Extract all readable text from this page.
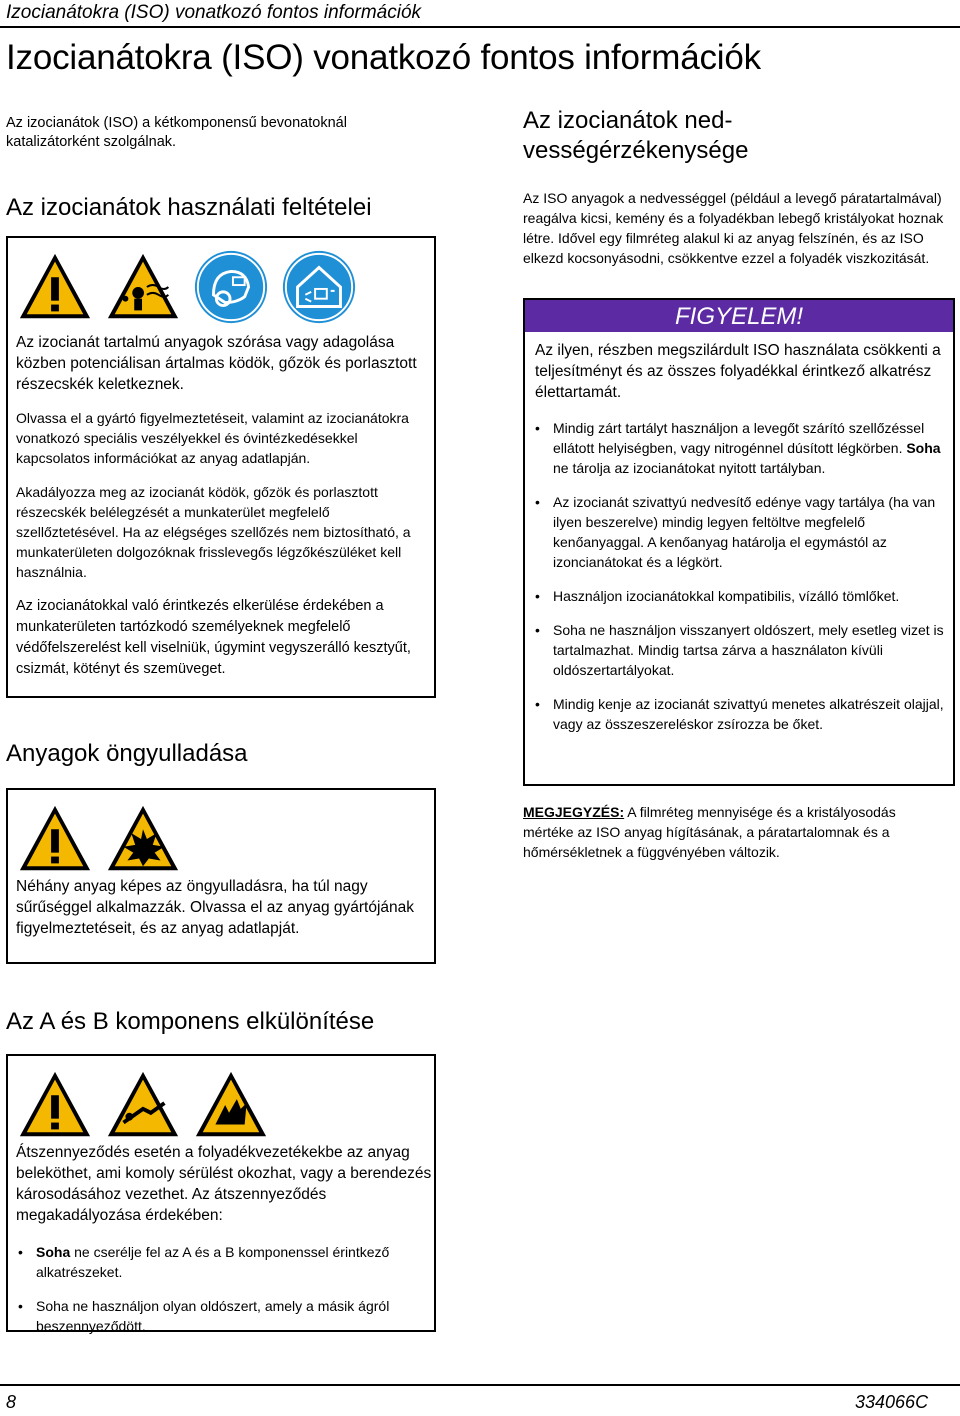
Izocianátokra (ISO) vonatkozó fontos információk
Izocianátokra (ISO) vonatkozó fontos információk
Az izocianátok (ISO) a kétkomponensű bevonatoknál katalizátorként szolgálnak.
Az izocianátok használati feltételei

Az izocianát tartalmú anyagok szórása vagy adagolása közben potenciálisan ártalmas ködök, gőzök és porlasztott részecskék keletkeznek.

Olvassa el a gyártó figyelmeztetéseit, valamint az izocianátokra vonatkozó speciális veszélyekkel és óvintézkedésekkel kapcsolatos információkat az anyag adatlapján.

Akadályozza meg az izocianát ködök, gőzök és porlasztott részecskék belélegzését a munkaterület megfelelő szellőztetésével. Ha az elégséges szellőzés nem biztosítható, a munkaterületen dolgozóknak frisslevegős légzőkészüléket kell használnia.

Az izocianátokkal való érintkezés elkerülése érdekében a munkaterületen tartózkodó személyeknek megfelelő védőfelszerelést kell viselniük, úgymint vegyszerálló kesztyűt, csizmát, kötényt és szemüveget.

Anyagok öngyulladása
Néhány anyag képes az öngyulladásra, ha túl nagy sűrűséggel alkalmazzák. Olvassa el az anyag gyártójának figyelmeztetéseit, és az anyag adatlapját.
Az A és B komponens elkülönítése
Átszennyeződés esetén a folyadékvezetékekbe az anyag beleköthet, ami komoly sérülést okozhat, vagy a berendezés károsodásához vezethet. Az átszennyeződés megakadályozása érdekében:
• Soha ne cserélje fel az A és a B komponenssel érintkező alkatrészeket.
• Soha ne használjon olyan oldószert, amely a másik ágról beszennyeződött.
Az izocianátok ned-
vességérzékenysége
Az ISO anyagok a nedvességgel (például a levegő páratartalmával) reagálva kicsi, kemény és a folyadékban lebegő kristályokat hoznak létre. Idővel egy filmréteg alakul ki az anyag felszínén, és az ISO elkezd kocsonyásodni, csökkentve ezzel a folyadék viszkozitását.
FIGYELEM!
Az ilyen, részben megszilárdult ISO használata csökkenti a teljesítményt és az összes folyadékkal érintkező alkatrész élettartamát.
• Mindig zárt tartályt használjon a levegőt szárító szellőzéssel ellátott helyiségben, vagy nitrogénnel dúsított légkörben. Soha ne tárolja az izocianátokat nyitott tartályban.
• Az izocianát szivattyú nedvesítő edénye vagy tartálya (ha van ilyen beszerelve) mindig legyen feltöltve megfelelő kenőanyaggal. A kenőanyag határolja el egymástól az izoncianátokat és a légkört.
• Használjon izocianátokkal kompatibilis, vízálló tömlőket.
• Soha ne használjon visszanyert oldószert, mely esetleg vizet is tartalmazhat. Mindig tartsa zárva a használaton kívüli oldószertartályokat.
• Mindig kenje az izocianát szivattyú menetes alkatrészeit olajjal, vagy az összeszereléskor zsírozza be őket.
MEGJEGYZÉS: A filmréteg mennyisége és a kristályosodás mértéke az ISO anyag hígításának, a páratartalomnak és a hőmérsékletnek a függvényében változik.
8	334066C
